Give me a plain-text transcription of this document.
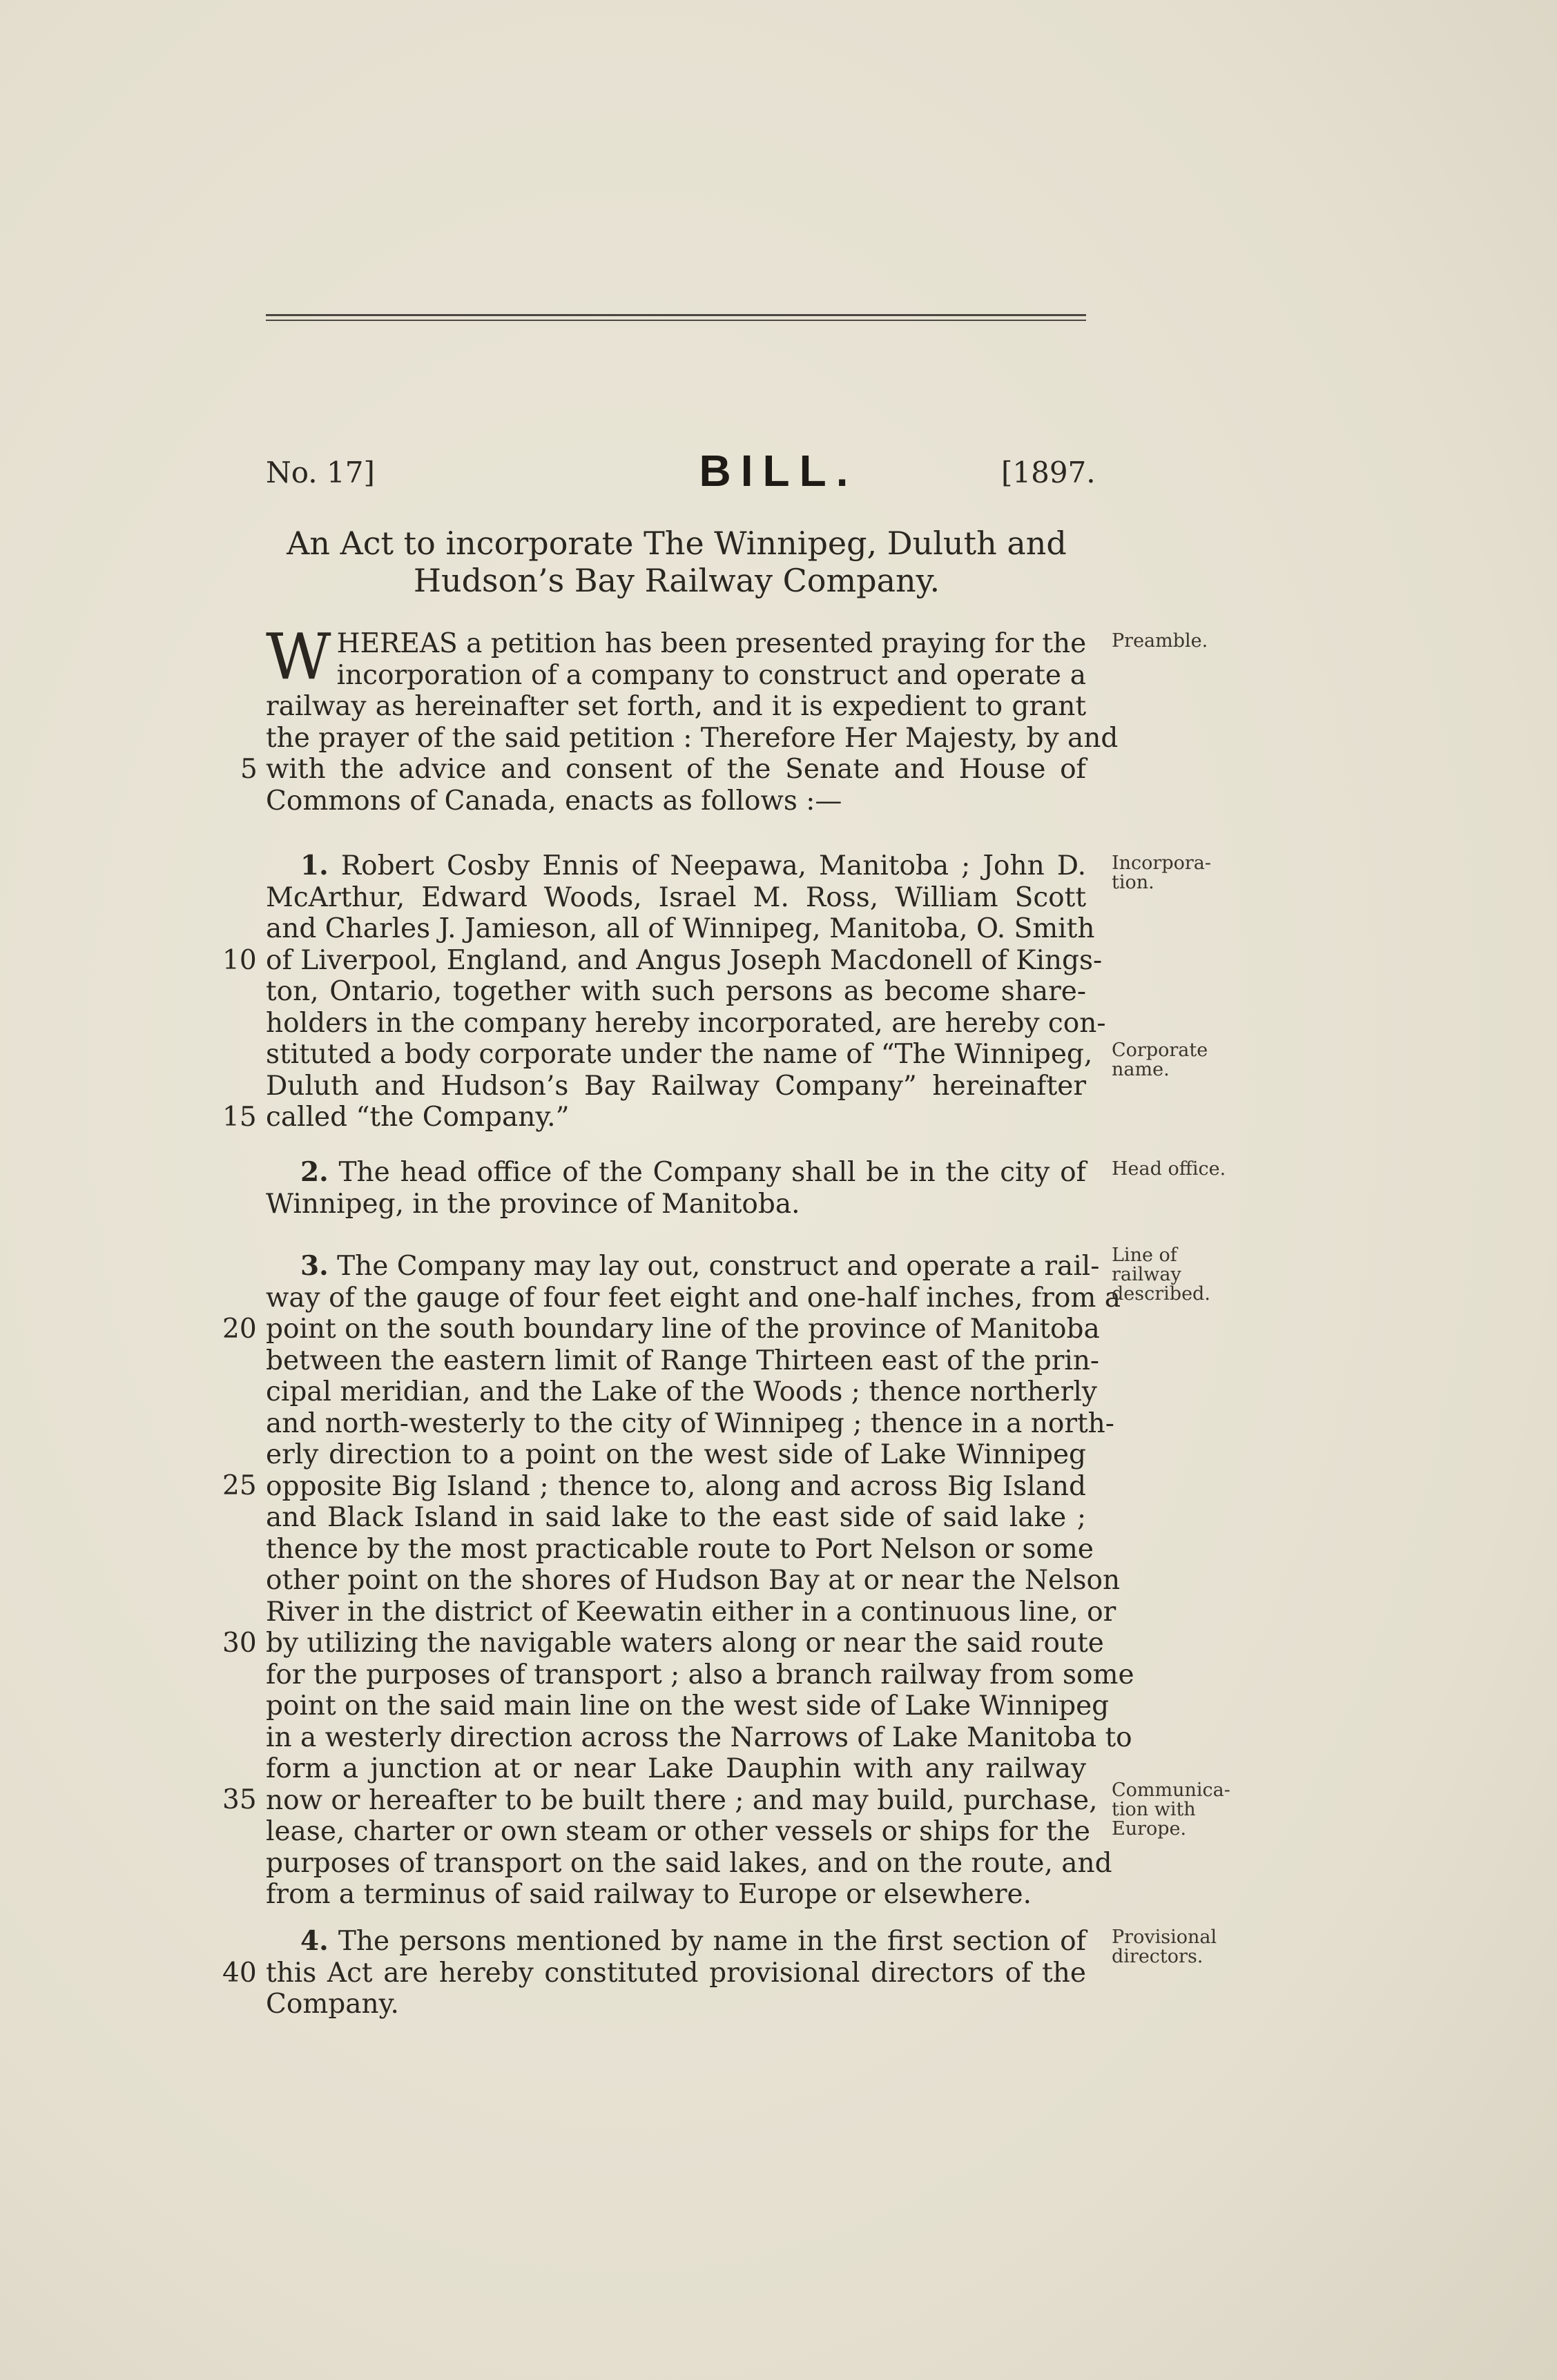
No. 17]	BILL.	[1897.
An Act to incorporate The Winnipeg, Duluth and
Hudson’s Bay Railway Company.
W HEREAS a petition has been presented praying for the
incorporation of a company to construct and operate a
railway as hereinafter set forth, and it is expedient to grant
the prayer of the said petition : Therefore Her Majesty, by and
with the advice and consent of the Senate and House of
Commons of Canada, enacts as follows :—
Preamble.
1. Robert Cosby Ennis of Neepawa, Manitoba ; John D.
McArthur, Edward Woods, Israel M. Ross, William Scott
and Charles J. Jamieson, all of Winnipeg, Manitoba, O. Smith
of Liverpool, England, and Angus Joseph Macdonell of Kings-
ton, Ontario, together with such persons as become share-
holders in the company hereby incorporated, are hereby con-
stituted a body corporate under the name of “The Winnipeg,
Duluth and Hudson’s Bay Railway Company” hereinafter
called “the Company.”
Incorpora-
tion.
Corporate
name.
2. The head office of the Company shall be in the city of
Winnipeg, in the province of Manitoba.
Head office.
3. The Company may lay out, construct and operate a rail-
way of the gauge of four feet eight and one-half inches, from a
point on the south boundary line of the province of Manitoba
between the eastern limit of Range Thirteen east of the prin-
cipal meridian, and the Lake of the Woods ; thence northerly
and north-westerly to the city of Winnipeg ; thence in a north-
erly direction to a point on the west side of Lake Winnipeg
opposite Big Island ; thence to, along and across Big Island
and Black Island in said lake to the east side of said lake ;
thence by the most practicable route to Port Nelson or some
other point on the shores of Hudson Bay at or near the Nelson
River in the district of Keewatin either in a continuous line, or
by utilizing the navigable waters along or near the said route
for the purposes of transport ; also a branch railway from some
point on the said main line on the west side of Lake Winnipeg
in a westerly direction across the Narrows of Lake Manitoba to
form a junction at or near Lake Dauphin with any railway
now or hereafter to be built there ; and may build, purchase,
lease, charter or own steam or other vessels or ships for the
purposes of transport on the said lakes, and on the route, and
from a terminus of said railway to Europe or elsewhere.
Line of
railway
described.
Communica-
tion with
Europe.
4. The persons mentioned by name in the first section of
this Act are hereby constituted provisional directors of the
Company.
Provisional
directors.
5
10
15
20
25
30
35
40
